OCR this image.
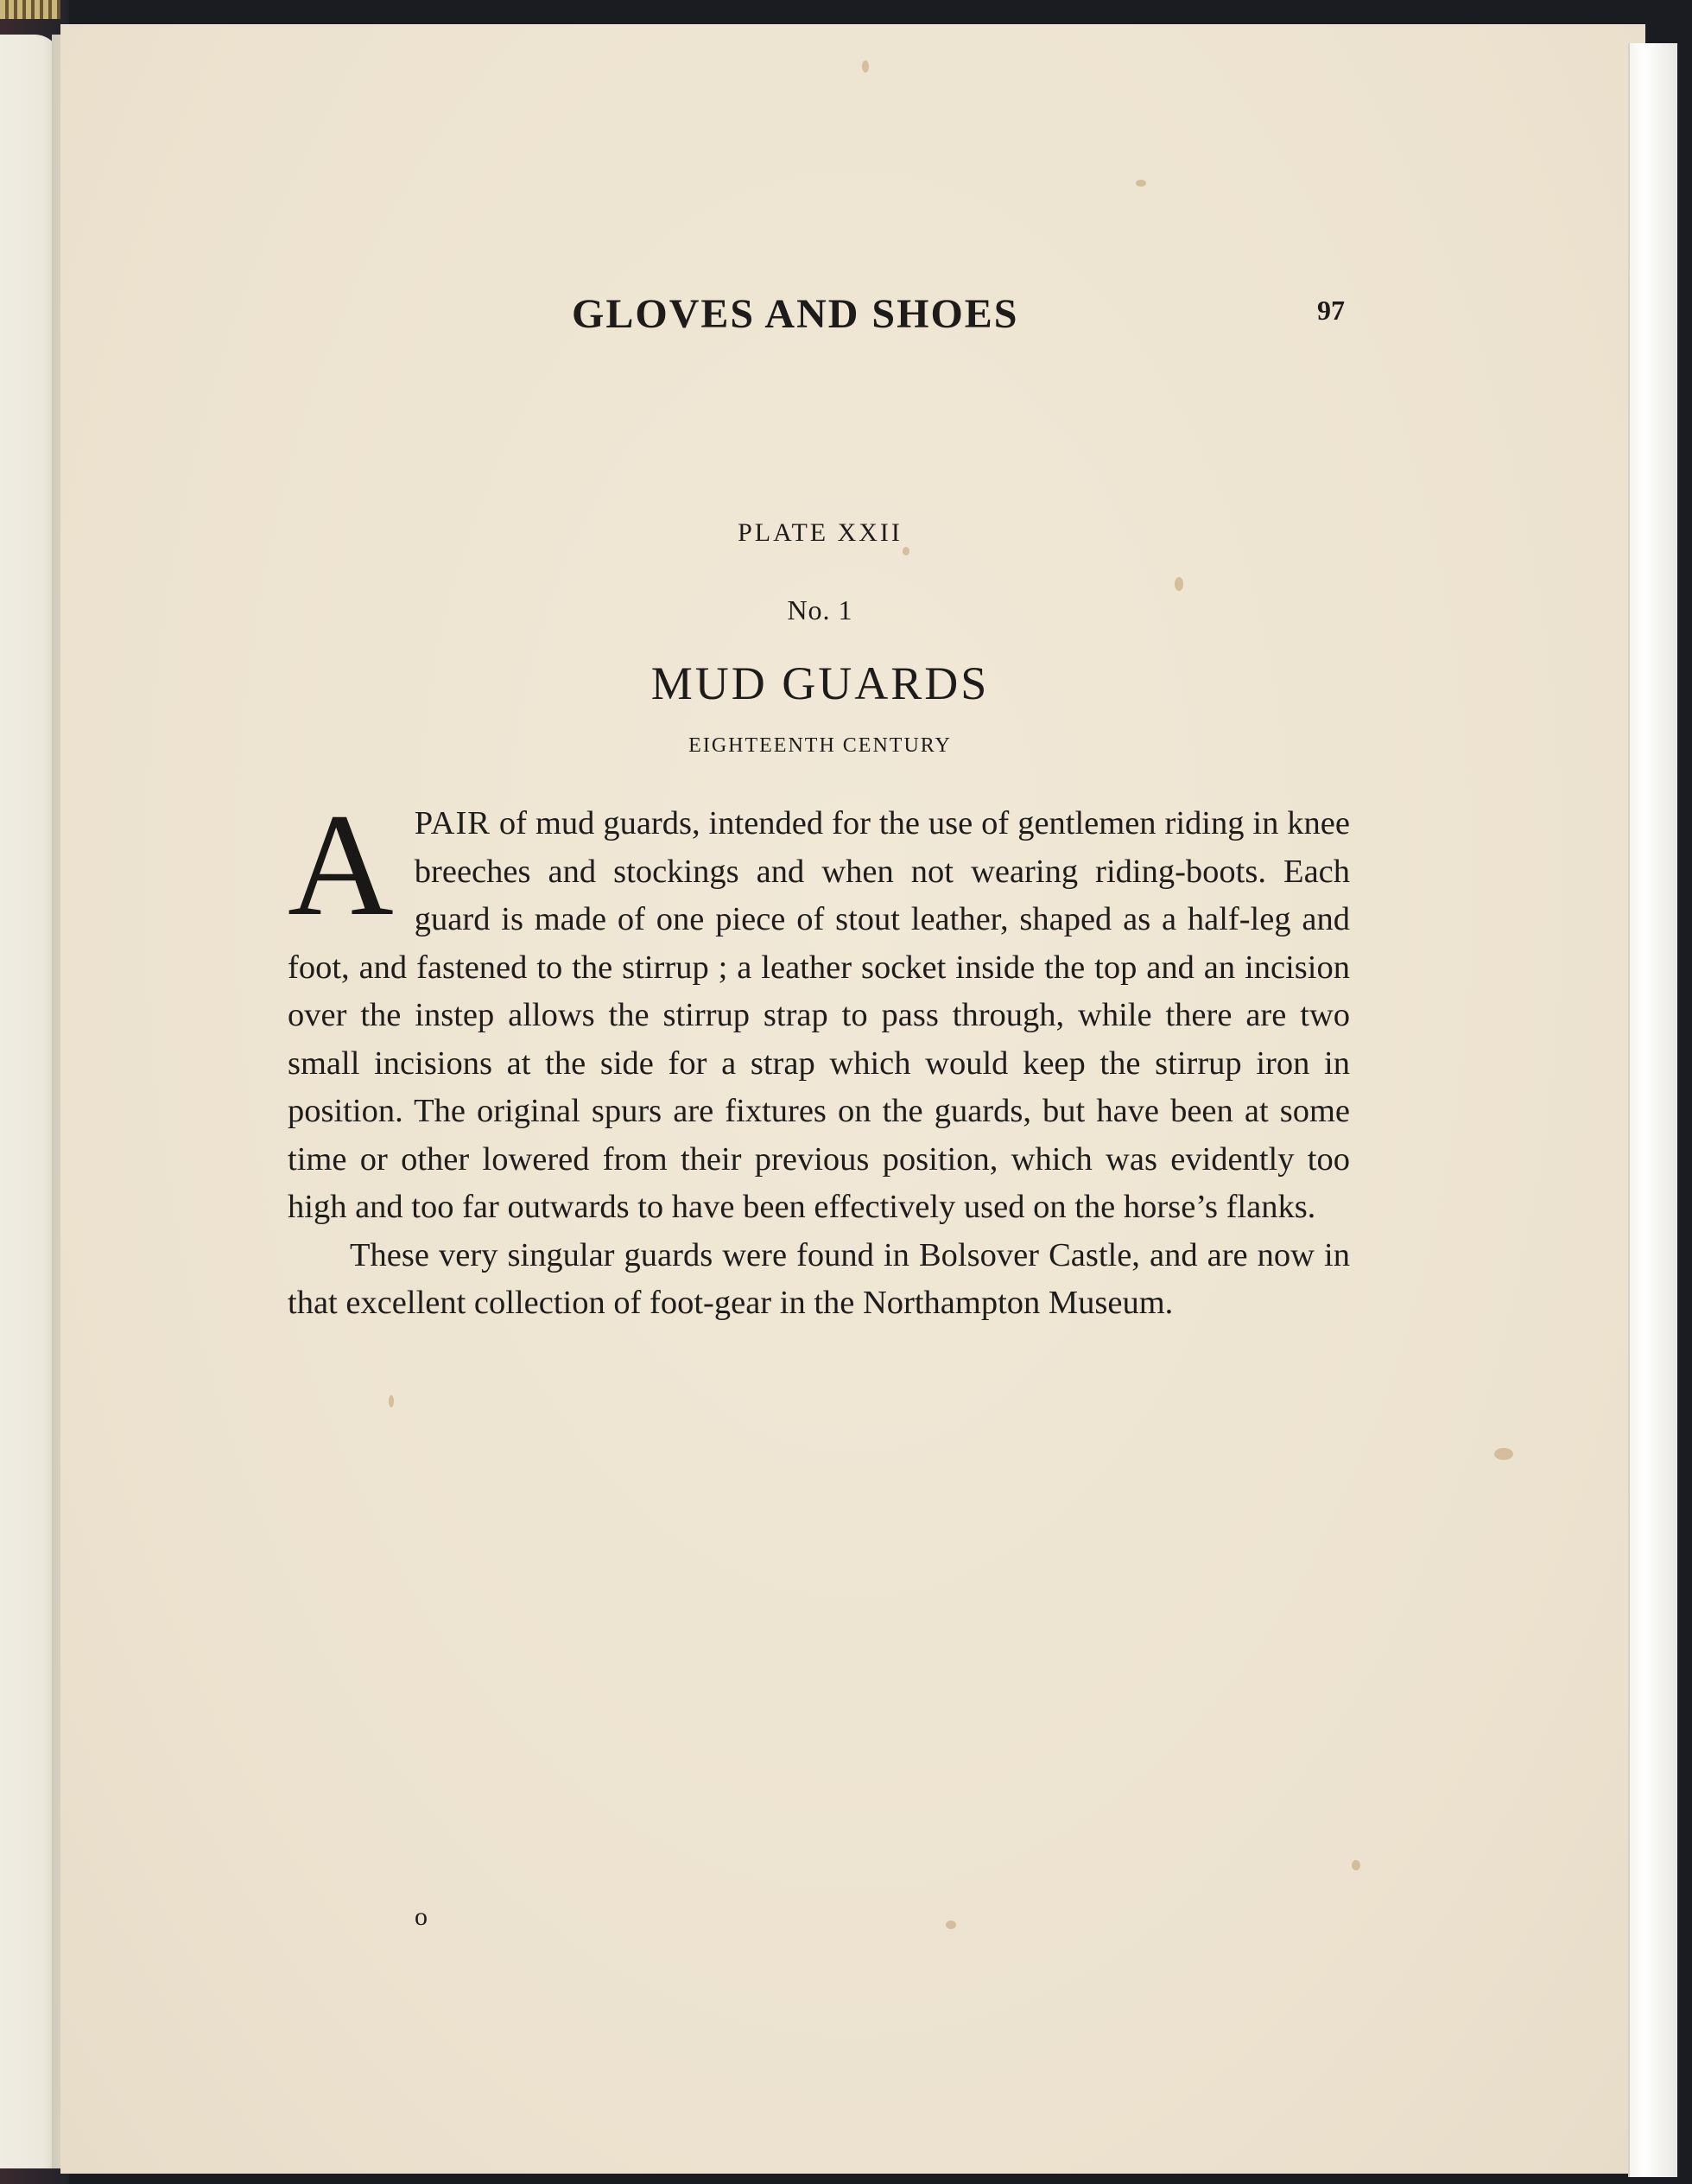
GLOVES AND SHOES	97
PLATE XXII
No. 1
MUD GUARDS
EIGHTEENTH CENTURY

APAIR of mud guards, intended for the use of gentlemen riding in knee breeches and stockings and when not wearing riding-boots. Each guard is made of one piece of stout leather, shaped as a half-leg and foot, and fastened to the stirrup ; a leather socket inside the top and an incision over the instep allows the stirrup strap to pass through, while there are two small incisions at the side for a strap which would keep the stirrup iron in position. The original spurs are fixtures on the guards, but have been at some time or other lowered from their previous position, which was evidently too high and too far outwards to have been effectively used on the horse’s flanks.

These very singular guards were found in Bolsover Castle, and are now in that excellent collection of foot-gear in the Northampton Museum.

o
